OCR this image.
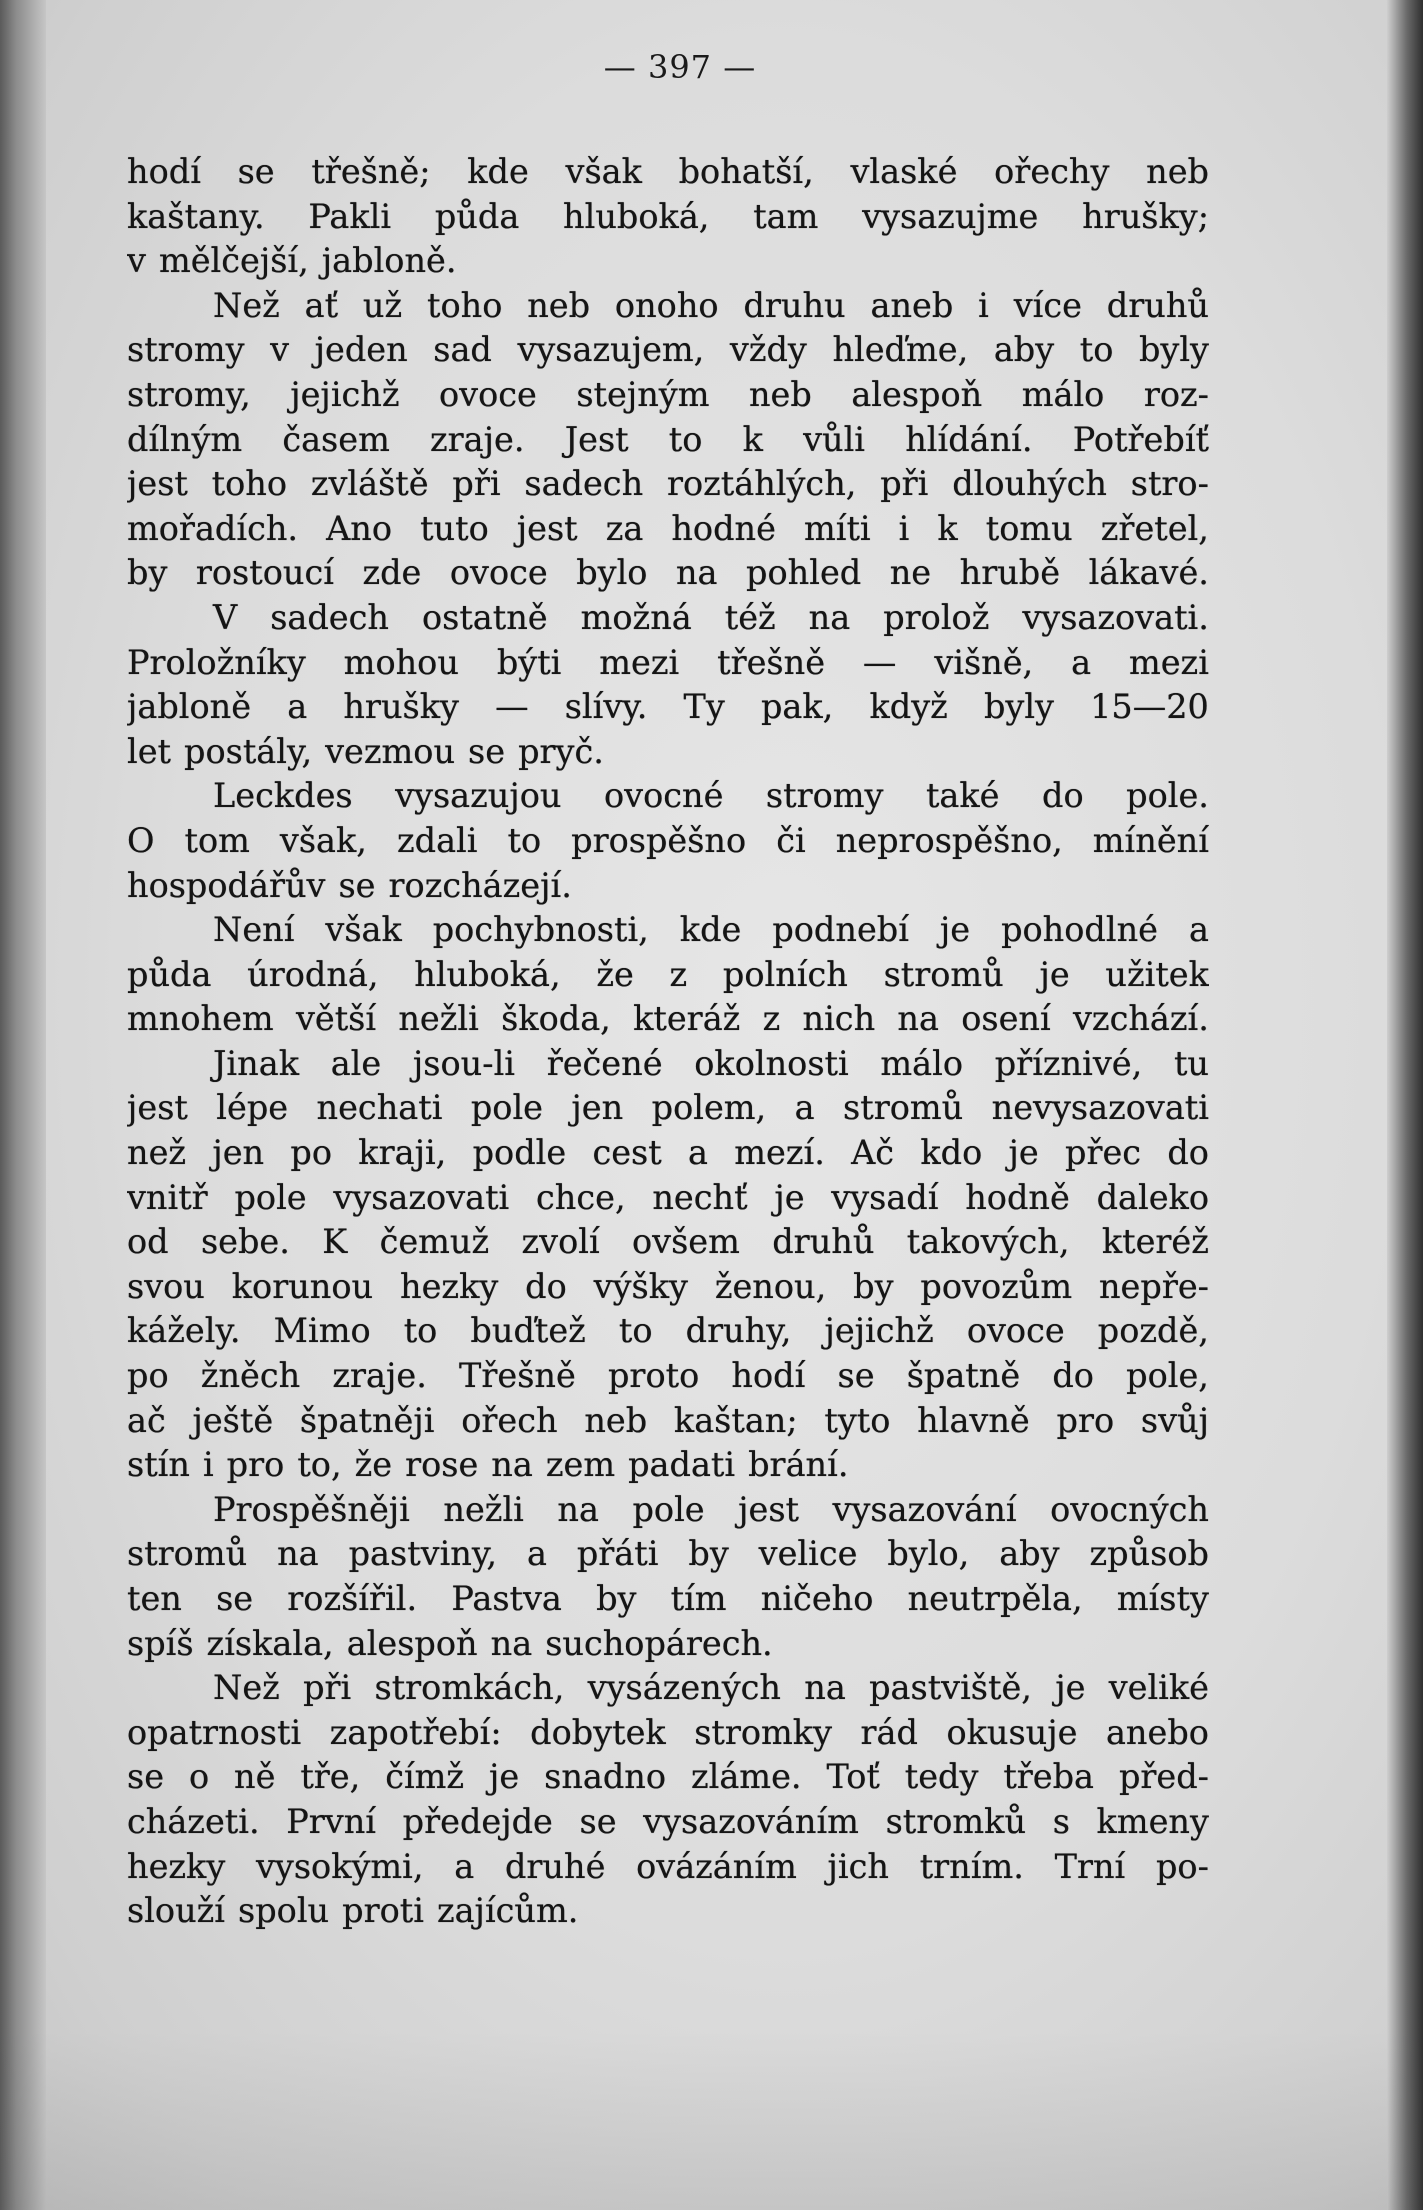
— 397 —
hodí se třešně; kde však bohatší, vlaské ořechy neb
kaštany. Pakli půda hluboká, tam vysazujme hrušky;
v mělčejší, jabloně.
Než ať už toho neb onoho druhu aneb i více druhů
stromy v jeden sad vysazujem, vždy hleďme, aby to byly
stromy, jejichž ovoce stejným neb alespoň málo roz-
dílným časem zraje. Jest to k vůli hlídání. Potřebíť
jest toho zvláště při sadech roztáhlých, při dlouhých stro-
mořadích. Ano tuto jest za hodné míti i k tomu zřetel,
by rostoucí zde ovoce bylo na pohled ne hrubě lákavé.
V sadech ostatně možná též na prolož vysazovati.
Proložníky mohou býti mezi třešně — višně, a mezi
jabloně a hrušky — slívy. Ty pak, když byly 15—20
let postály, vezmou se pryč.
Leckdes vysazujou ovocné stromy také do pole.
O tom však, zdali to prospěšno či neprospěšno, mínění
hospodářův se rozcházejí.
Není však pochybnosti, kde podnebí je pohodlné a
půda úrodná, hluboká, že z polních stromů je užitek
mnohem větší nežli škoda, kteráž z nich na osení vzchází.
Jinak ale jsou-li řečené okolnosti málo příznivé, tu
jest lépe nechati pole jen polem, a stromů nevysazovati
než jen po kraji, podle cest a mezí. Ač kdo je přec do
vnitř pole vysazovati chce, nechť je vysadí hodně daleko
od sebe. K čemuž zvolí ovšem druhů takových, kteréž
svou korunou hezky do výšky ženou, by povozům nepře-
kážely. Mimo to buďtež to druhy, jejichž ovoce pozdě,
po žněch zraje. Třešně proto hodí se špatně do pole,
ač ještě špatněji ořech neb kaštan; tyto hlavně pro svůj
stín i pro to, že rose na zem padati brání.
Prospěšněji nežli na pole jest vysazování ovocných
stromů na pastviny, a přáti by velice bylo, aby způsob
ten se rozšířil. Pastva by tím ničeho neutrpěla, místy
spíš získala, alespoň na suchopárech.
Než při stromkách, vysázených na pastviště, je veliké
opatrnosti zapotřebí: dobytek stromky rád okusuje anebo
se o ně tře, čímž je snadno zláme. Toť tedy třeba před-
cházeti. První předejde se vysazováním stromků s kmeny
hezky vysokými, a druhé ovázáním jich trním. Trní po-
slouží spolu proti zajícům.
